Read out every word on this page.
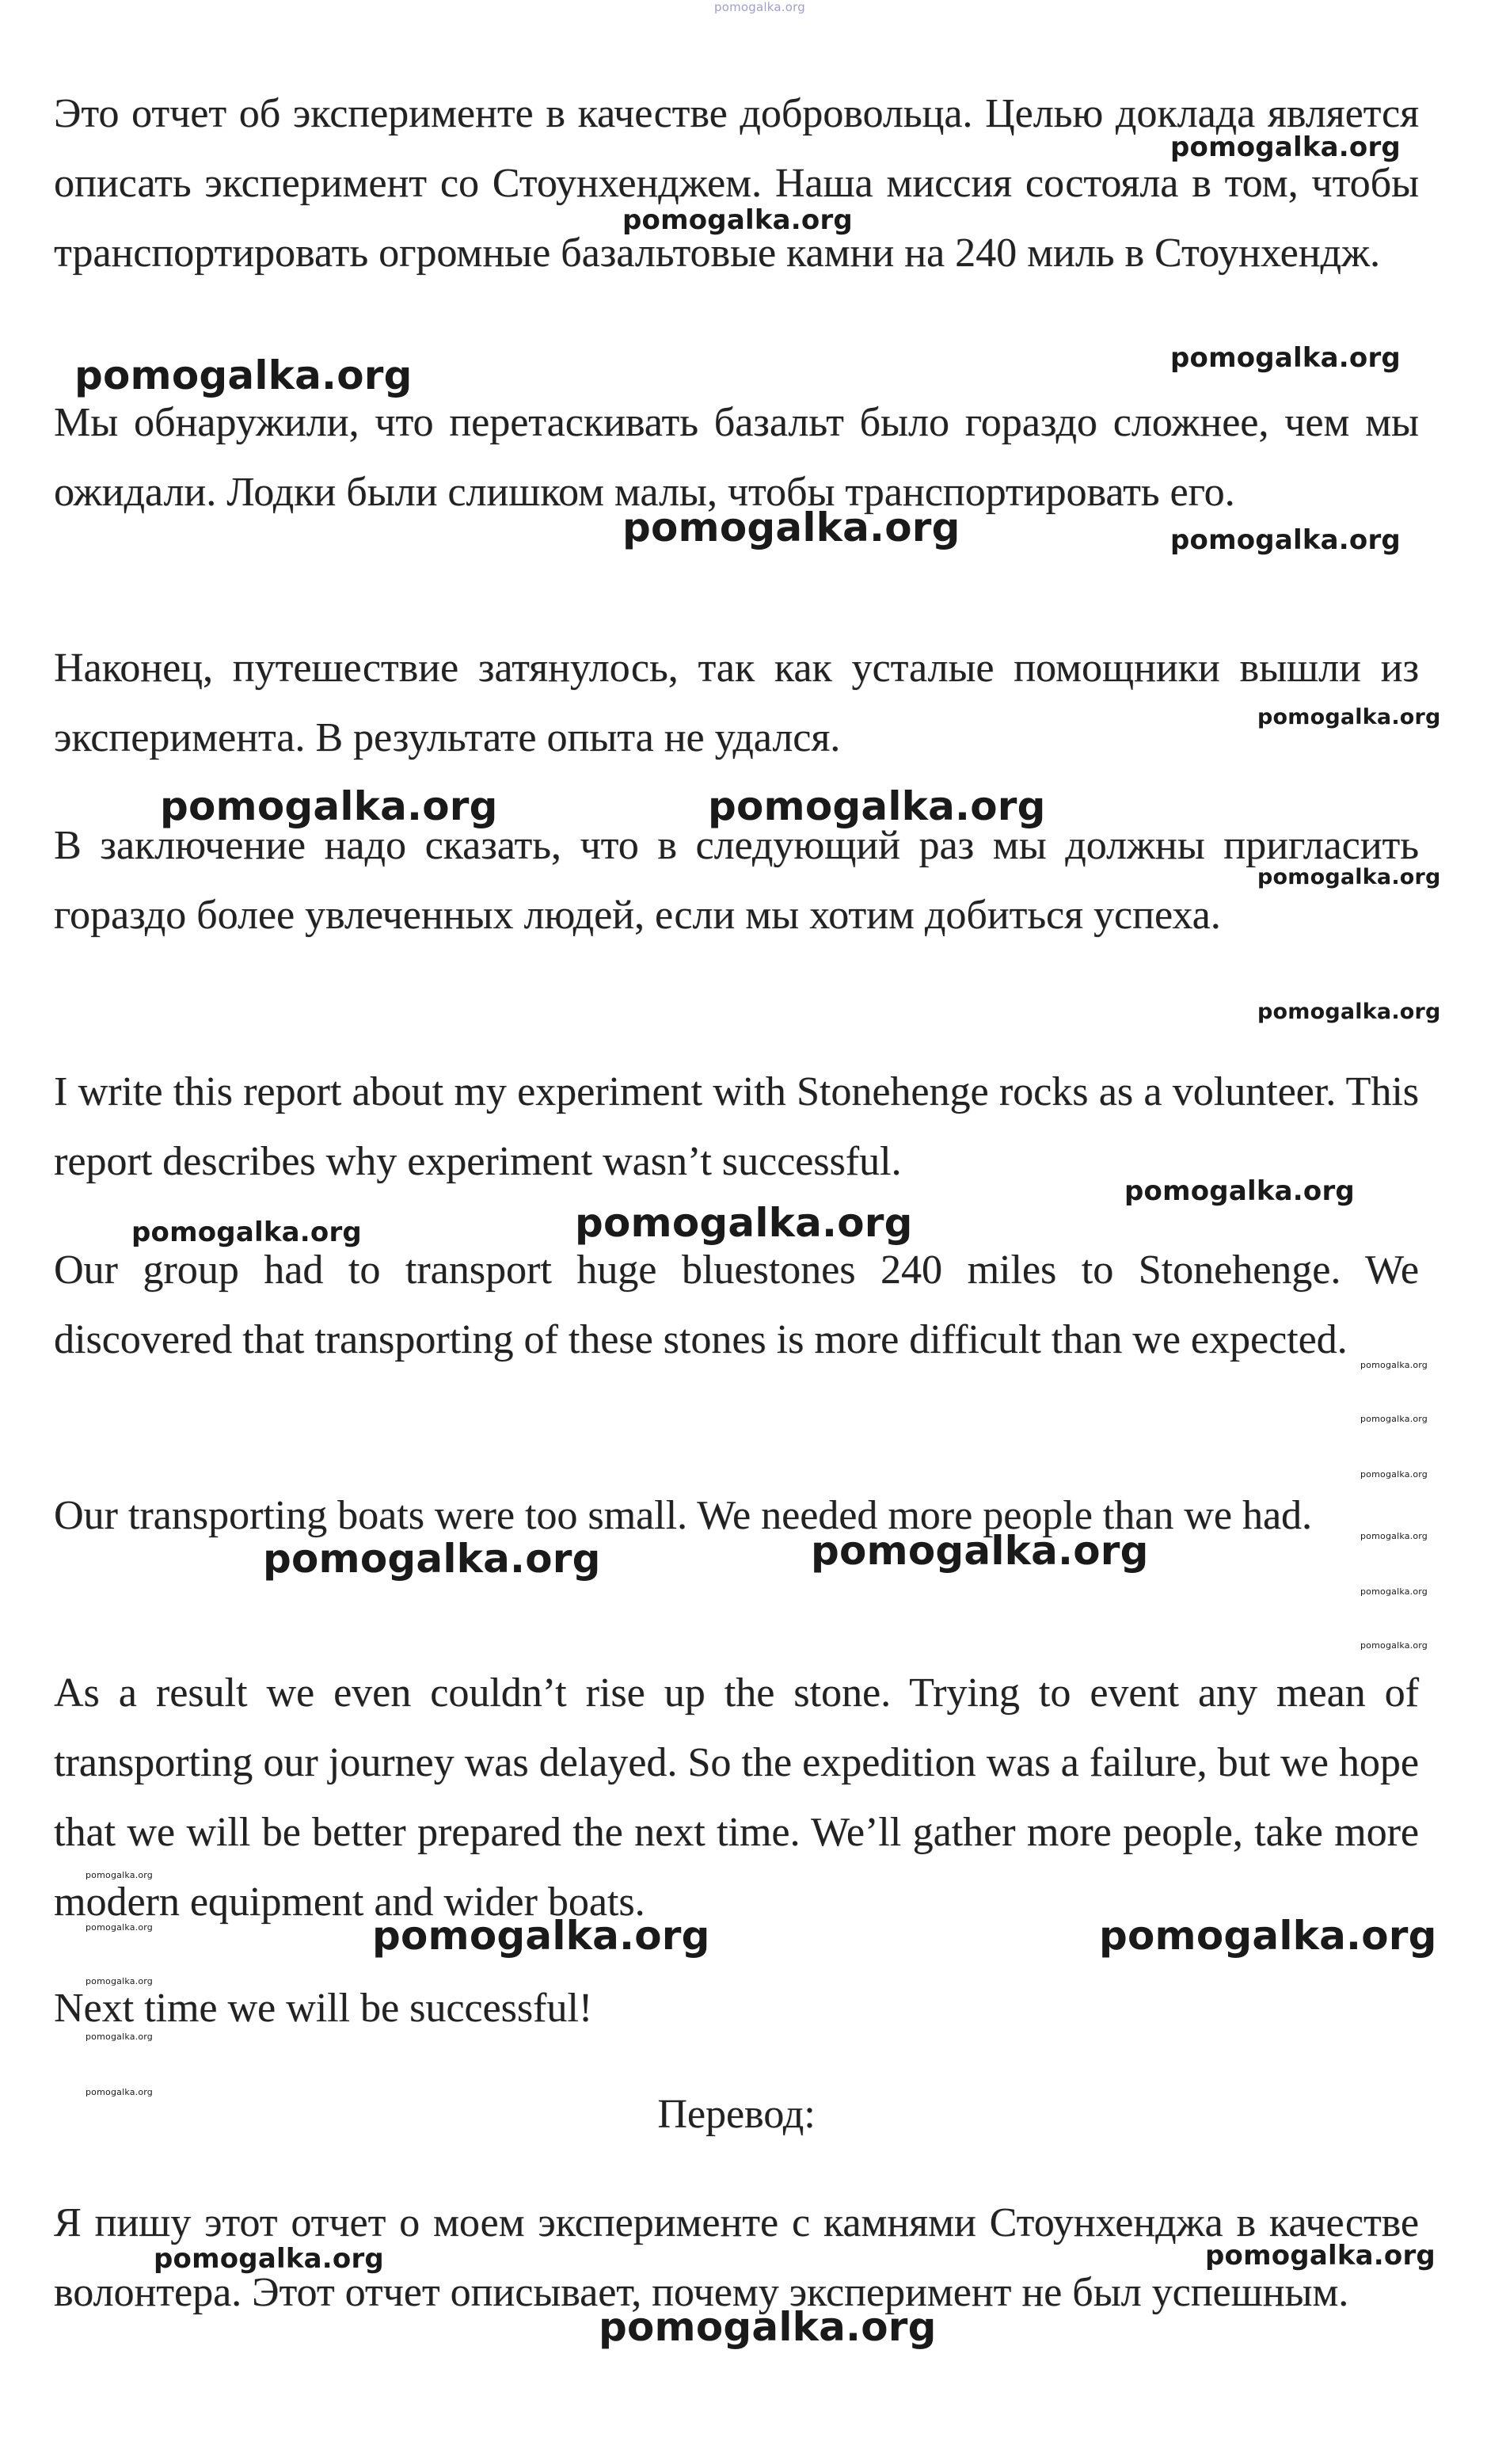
Это отчет об эксперименте в качестве добровольца. Целью доклада является описать эксперимент со Стоунхенджем. Наша миссия состояла в том, чтобы транспортировать огромные базальтовые камни на 240 миль в Стоунхендж.

Мы обнаружили, что перетаскивать базальт было гораздо сложнее, чем мы ожидали. Лодки были слишком малы, чтобы транспортировать его.

Наконец, путешествие затянулось, так как усталые помощники вышли из эксперимента. В результате опыта не удался.

В заключение надо сказать, что в следующий раз мы должны пригласить гораздо более увлеченных людей, если мы хотим добиться успеха.

I write this report about my experiment with Stonehenge rocks as a volunteer. This report describes why experiment wasn’t successful.

Our group had to transport huge bluestones 240 miles to Stonehenge. We discovered that transporting of these stones is more difficult than we expected.

Our transporting boats were too small. We needed more people than we had.

As a result we even couldn’t rise up the stone. Trying to event any mean of transporting our journey was delayed. So the expedition was a failure, but we hope that we will be better prepared the next time. We’ll gather more people, take more modern equipment and wider boats.

Next time we will be successful!

Перевод:

Я пишу этот отчет о моем эксперименте с камнями Стоунхенджа в качестве волонтера. Этот отчет описывает, почему эксперимент не был успешным.

pomogalka.org
pomogalka.org
pomogalka.org
pomogalka.org
pomogalka.org
pomogalka.org	pomogalka.org
pomogalka.org
pomogalka.org	pomogalka.org
pomogalka.org
pomogalka.org
pomogalka.org
pomogalka.org	pomogalka.org
pomogalka.org
pomogalka.org
pomogalka.org
pomogalka.org
pomogalka.org
pomogalka.org
pomogalka.org	pomogalka.org
pomogalka.org
pomogalka.org
pomogalka.org
pomogalka.org
pomogalka.org
pomogalka.org	pomogalka.org
pomogalka.org	pomogalka.org
pomogalka.org
